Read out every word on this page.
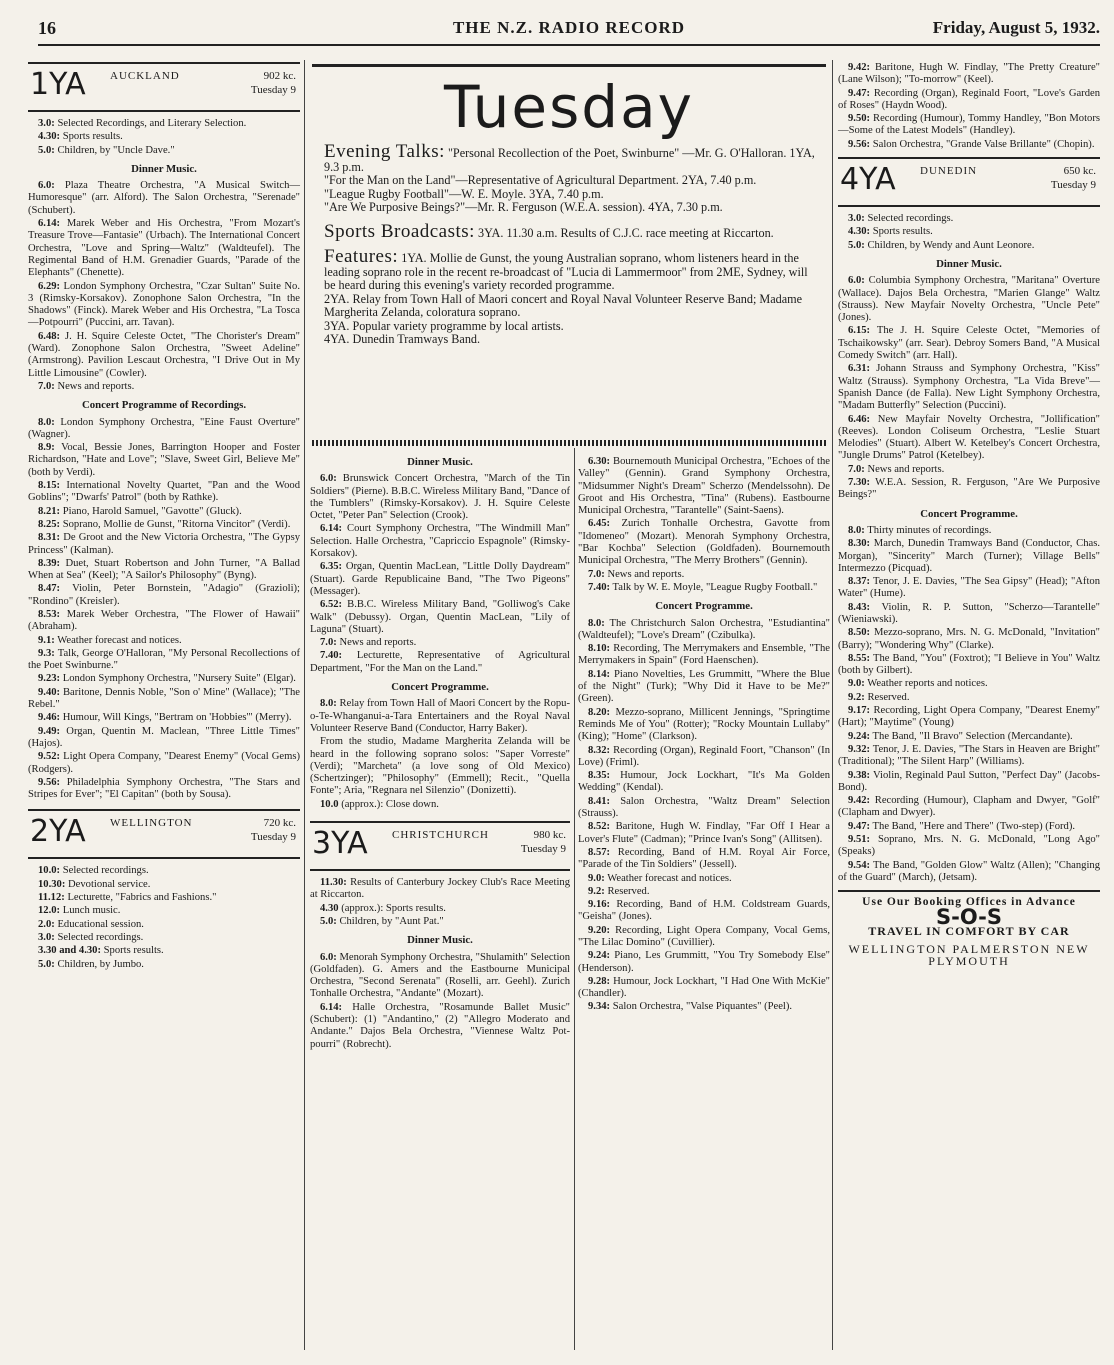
16	THE N.Z. RADIO RECORD	Friday, August 5, 1932.
1YA AUCKLAND	902 kc.
Tuesday 9

3.0: Selected Recordings, and Literary Selection.

4.30: Sports results.

5.0: Children, by "Uncle Dave."

Dinner Music.

6.0: Plaza Theatre Orchestra, "A Musical Switch—Humoresque" (arr. Alford). The Salon Orchestra, "Serenade" (Schubert).

6.14: Marek Weber and His Orchestra, "From Mozart's Treasure Trove—Fantasie" (Urbach). The International Concert Orchestra, "Love and Spring—Waltz" (Waldteufel). The Regimental Band of H.M. Grenadier Guards, "Parade of the Elephants" (Chenette).

6.29: London Symphony Orchestra, "Czar Sultan" Suite No. 3 (Rimsky-Korsakov). Zonophone Salon Orchestra, "In the Shadows" (Finck). Marek Weber and His Orchestra, "La Tosca—Potpourri" (Puccini, arr. Tavan).

6.48: J. H. Squire Celeste Octet, "The Chorister's Dream" (Ward). Zonophone Salon Orchestra, "Sweet Adeline" (Armstrong). Pavilion Lescaut Orchestra, "I Drive Out in My Little Limousine" (Cowler).

7.0: News and reports.

Concert Programme of Recordings.

8.0: London Symphony Orchestra, "Eine Faust Overture" (Wagner).

8.9: Vocal, Bessie Jones, Barrington Hooper and Foster Richardson, "Hate and Love"; "Slave, Sweet Girl, Believe Me" (both by Verdi).

8.15: International Novelty Quartet, "Pan and the Wood Goblins"; "Dwarfs' Patrol" (both by Rathke).

8.21: Piano, Harold Samuel, "Gavotte" (Gluck).

8.25: Soprano, Mollie de Gunst, "Ritorna Vincitor" (Verdi).

8.31: De Groot and the New Victoria Orchestra, "The Gypsy Princess" (Kalman).

8.39: Duet, Stuart Robertson and John Turner, "A Ballad When at Sea" (Keel); "A Sailor's Philosophy" (Byng).

8.47: Violin, Peter Bornstein, "Adagio" (Grazioli); "Rondino" (Kreisler).

8.53: Marek Weber Orchestra, "The Flower of Hawaii" (Abraham).

9.1: Weather forecast and notices.

9.3: Talk, George O'Halloran, "My Personal Recollections of the Poet Swinburne."

9.23: London Symphony Orchestra, "Nursery Suite" (Elgar).

9.40: Baritone, Dennis Noble, "Son o' Mine" (Wallace); "The Rebel."

9.46: Humour, Will Kings, "Bertram on 'Hobbies'" (Merry).

9.49: Organ, Quentin M. Maclean, "Three Little Times" (Hajos).

9.52: Light Opera Company, "Dearest Enemy" (Vocal Gems) (Rodgers).

9.56: Philadelphia Symphony Orchestra, "The Stars and Stripes for Ever"; "El Capitan" (both by Sousa).

2YA WELLINGTON	720 kc.
Tuesday 9

10.0: Selected recordings.

10.30: Devotional service.

11.12: Lecturette, "Fabrics and Fashions."

12.0: Lunch music.

2.0: Educational session.

3.0: Selected recordings.

3.30 and 4.30: Sports results.

5.0: Children, by Jumbo.

Tuesday
Evening Talks: "Personal Recollection of the Poet, Swinburne" —Mr. G. O'Halloran. 1YA, 9.3 p.m.
"For the Man on the Land"—Representative of Agricultural Department. 2YA, 7.40 p.m.
"League Rugby Football"—W. E. Moyle. 3YA, 7.40 p.m.
"Are We Purposive Beings?"—Mr. R. Ferguson (W.E.A. session). 4YA, 7.30 p.m.
Sports Broadcasts: 3YA. 11.30 a.m. Results of C.J.C. race meeting at Riccarton.
Features: 1YA. Mollie de Gunst, the young Australian soprano, whom listeners heard in the leading soprano role in the recent re-broadcast of "Lucia di Lammermoor" from 2ME, Sydney, will be heard during this evening's variety recorded programme.
2YA. Relay from Town Hall of Maori concert and Royal Naval Volunteer Reserve Band; Madame Margherita Zelanda, coloratura soprano.
3YA. Popular variety programme by local artists.
4YA. Dunedin Tramways Band.
Dinner Music.

6.0: Brunswick Concert Orchestra, "March of the Tin Soldiers" (Pierne). B.B.C. Wireless Military Band, "Dance of the Tumblers" (Rimsky-Korsakov). J. H. Squire Celeste Octet, "Peter Pan" Selection (Crook).

6.14: Court Symphony Orchestra, "The Windmill Man" Selection. Halle Orchestra, "Capriccio Espagnole" (Rimsky-Korsakov).

6.35: Organ, Quentin MacLean, "Little Dolly Daydream" (Stuart). Garde Republicaine Band, "The Two Pigeons" (Messager).

6.52: B.B.C. Wireless Military Band, "Golliwog's Cake Walk" (Debussy). Organ, Quentin MacLean, "Lily of Laguna" (Stuart).

7.0: News and reports.

7.40: Lecturette, Representative of Agricultural Department, "For the Man on the Land."

Concert Programme.

8.0: Relay from Town Hall of Maori Concert by the Ropu-o-Te-Whanganui-a-Tara Entertainers and the Royal Naval Volunteer Reserve Band (Conductor, Harry Baker).

From the studio, Madame Margherita Zelanda will be heard in the following soprano solos: "Saper Vorreste" (Verdi); "Marcheta" (a love song of Old Mexico) (Schertzinger); "Philosophy" (Emmell); Recit., "Quella Fonte"; Aria, "Regnara nel Silenzio" (Donizetti).

10.0 (approx.): Close down.

3YA CHRISTCHURCH	980 kc.
Tuesday 9

11.30: Results of Canterbury Jockey Club's Race Meeting at Riccarton.

4.30 (approx.): Sports results.

5.0: Children, by "Aunt Pat."

Dinner Music.

6.0: Menorah Symphony Orchestra, "Shulamith" Selection (Goldfaden). G. Amers and the Eastbourne Municipal Orchestra, "Second Serenata" (Roselli, arr. Geehl). Zurich Tonhalle Orchestra, "Andante" (Mozart).

6.14: Halle Orchestra, "Rosamunde Ballet Music" (Schubert): (1) "Andantino," (2) "Allegro Moderato and Andante." Dajos Bela Orchestra, "Viennese Waltz Pot-pourri" (Robrecht).

6.30: Bournemouth Municipal Orchestra, "Echoes of the Valley" (Gennin). Grand Symphony Orchestra, "Midsummer Night's Dream" Scherzo (Mendelssohn). De Groot and His Orchestra, "Tina" (Rubens). Eastbourne Municipal Orchestra, "Tarantelle" (Saint-Saens).

6.45: Zurich Tonhalle Orchestra, Gavotte from "Idomeneo" (Mozart). Menorah Symphony Orchestra, "Bar Kochba" Selection (Goldfaden). Bournemouth Municipal Orchestra, "The Merry Brothers" (Gennin).

7.0: News and reports.

7.40: Talk by W. E. Moyle, "League Rugby Football."

Concert Programme.

8.0: The Christchurch Salon Orchestra, "Estudiantina" (Waldteufel); "Love's Dream" (Czibulka).

8.10: Recording, The Merrymakers and Ensemble, "The Merrymakers in Spain" (Ford Haenschen).

8.14: Piano Novelties, Les Grummitt, "Where the Blue of the Night" (Turk); "Why Did it Have to be Me?" (Green).

8.20: Mezzo-soprano, Millicent Jennings, "Springtime Reminds Me of You" (Rotter); "Rocky Mountain Lullaby" (King); "Home" (Clarkson).

8.32: Recording (Organ), Reginald Foort, "Chanson" (In Love) (Friml).

8.35: Humour, Jock Lockhart, "It's Ma Golden Wedding" (Kendal).

8.41: Salon Orchestra, "Waltz Dream" Selection (Strauss).

8.52: Baritone, Hugh W. Findlay, "Far Off I Hear a Lover's Flute" (Cadman); "Prince Ivan's Song" (Allitsen).

8.57: Recording, Band of H.M. Royal Air Force, "Parade of the Tin Soldiers" (Jessell).

9.0: Weather forecast and notices.

9.2: Reserved.

9.16: Recording, Band of H.M. Coldstream Guards, "Geisha" (Jones).

9.20: Recording, Light Opera Company, Vocal Gems, "The Lilac Domino" (Cuvillier).

9.24: Piano, Les Grummitt, "You Try Somebody Else" (Henderson).

9.28: Humour, Jock Lockhart, "I Had One With McKie" (Chandler).

9.34: Salon Orchestra, "Valse Piquantes" (Peel).

9.42: Baritone, Hugh W. Findlay, "The Pretty Creature" (Lane Wilson); "To-morrow" (Keel).

9.47: Recording (Organ), Reginald Foort, "Love's Garden of Roses" (Haydn Wood).

9.50: Recording (Humour), Tommy Handley, "Bon Motors—Some of the Latest Models" (Handley).

9.56: Salon Orchestra, "Grande Valse Brillante" (Chopin).

4YA DUNEDIN	650 kc.
Tuesday 9

3.0: Selected recordings.

4.30: Sports results.

5.0: Children, by Wendy and Aunt Leonore.

Dinner Music.

6.0: Columbia Symphony Orchestra, "Maritana" Overture (Wallace). Dajos Bela Orchestra, "Marien Glange" Waltz (Strauss). New Mayfair Novelty Orchestra, "Uncle Pete" (Jones).

6.15: The J. H. Squire Celeste Octet, "Memories of Tschaikowsky" (arr. Sear). Debroy Somers Band, "A Musical Comedy Switch" (arr. Hall).

6.31: Johann Strauss and Symphony Orchestra, "Kiss" Waltz (Strauss). Symphony Orchestra, "La Vida Breve"—Spanish Dance (de Falla). New Light Symphony Orchestra, "Madam Butterfly" Selection (Puccini).

6.46: New Mayfair Novelty Orchestra, "Jollification" (Reeves). London Coliseum Orchestra, "Leslie Stuart Melodies" (Stuart). Albert W. Ketelbey's Concert Orchestra, "Jungle Drums" Patrol (Ketelbey).

7.0: News and reports.

7.30: W.E.A. Session, R. Ferguson, "Are We Purposive Beings?"

Concert Programme.

8.0: Thirty minutes of recordings.

8.30: March, Dunedin Tramways Band (Conductor, Chas. Morgan), "Sincerity" March (Turner); Village Bells" Intermezzo (Picquad).

8.37: Tenor, J. E. Davies, "The Sea Gipsy" (Head); "Afton Water" (Hume).

8.43: Violin, R. P. Sutton, "Scherzo—Tarantelle" (Wieniawski).

8.50: Mezzo-soprano, Mrs. N. G. McDonald, "Invitation" (Barry); "Wondering Why" (Clarke).

8.55: The Band, "You" (Foxtrot); "I Believe in You" Waltz (both by Gilbert).

9.0: Weather reports and notices.

9.2: Reserved.

9.17: Recording, Light Opera Company, "Dearest Enemy" (Hart); "Maytime" (Young)

9.24: The Band, "Il Bravo" Selection (Mercandante).

9.32: Tenor, J. E. Davies, "The Stars in Heaven are Bright" (Traditional); "The Silent Harp" (Williams).

9.38: Violin, Reginald Paul Sutton, "Perfect Day" (Jacobs-Bond).

9.42: Recording (Humour), Clapham and Dwyer, "Golf" (Clapham and Dwyer).

9.47: The Band, "Here and There" (Two-step) (Ford).

9.51: Soprano, Mrs. N. G. McDonald, "Long Ago" (Speaks)

9.54: The Band, "Golden Glow" Waltz (Allen); "Changing of the Guard" (March), (Jetsam).

Use Our Booking Offices in Advance
S-O-S
TRAVEL IN COMFORT BY CAR
WELLINGTON PALMERSTON NEW PLYMOUTH
